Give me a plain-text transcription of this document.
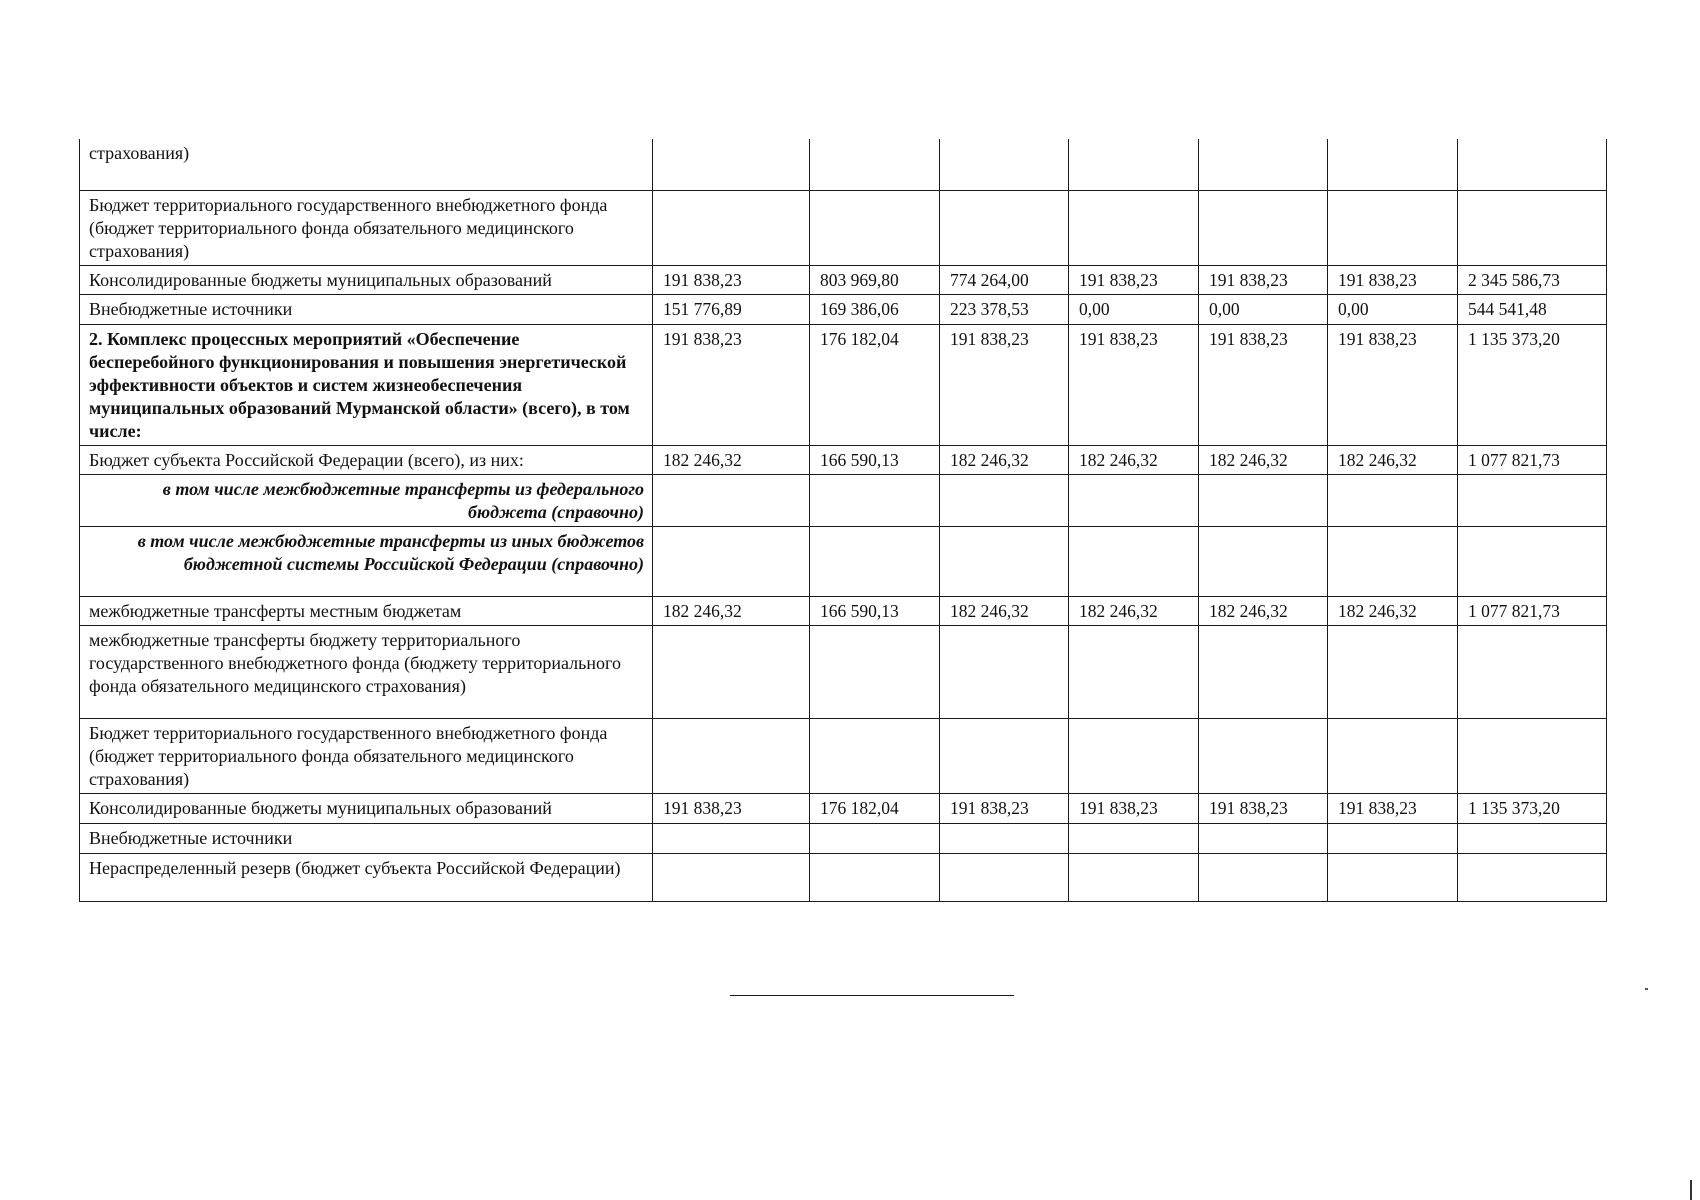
страхования)							
Бюджет территориального государственного внебюджетного фонда (бюджет территориального фонда обязательного медицинского страхования)							
Консолидированные бюджеты муниципальных образований	191 838,23	803 969,80	774 264,00	191 838,23	191 838,23	191 838,23	2 345 586,73
Внебюджетные источники	151 776,89	169 386,06	223 378,53	0,00	0,00	0,00	544 541,48
2. Комплекс процессных мероприятий «Обеспечение бесперебойного функционирования и повышения энергетической эффективности объектов и систем жизнеобеспечения муниципальных образований Мурманской области» (всего), в том числе:	191 838,23	176 182,04	191 838,23	191 838,23	191 838,23	191 838,23	1 135 373,20
Бюджет субъекта Российской Федерации (всего), из них:	182 246,32	166 590,13	182 246,32	182 246,32	182 246,32	182 246,32	1 077 821,73
в том числе межбюджетные трансферты из федерального бюджета (справочно)							
в том числе межбюджетные трансферты из иных бюджетов бюджетной системы Российской Федерации (справочно)							
межбюджетные трансферты местным бюджетам	182 246,32	166 590,13	182 246,32	182 246,32	182 246,32	182 246,32	1 077 821,73
межбюджетные трансферты бюджету территориального государственного внебюджетного фонда (бюджету территориального фонда обязательного медицинского страхования)							
Бюджет территориального государственного внебюджетного фонда (бюджет территориального фонда обязательного медицинского страхования)							
Консолидированные бюджеты муниципальных образований	191 838,23	176 182,04	191 838,23	191 838,23	191 838,23	191 838,23	1 135 373,20
Внебюджетные источники							
Нераспределенный резерв (бюджет субъекта Российской Федерации)							
